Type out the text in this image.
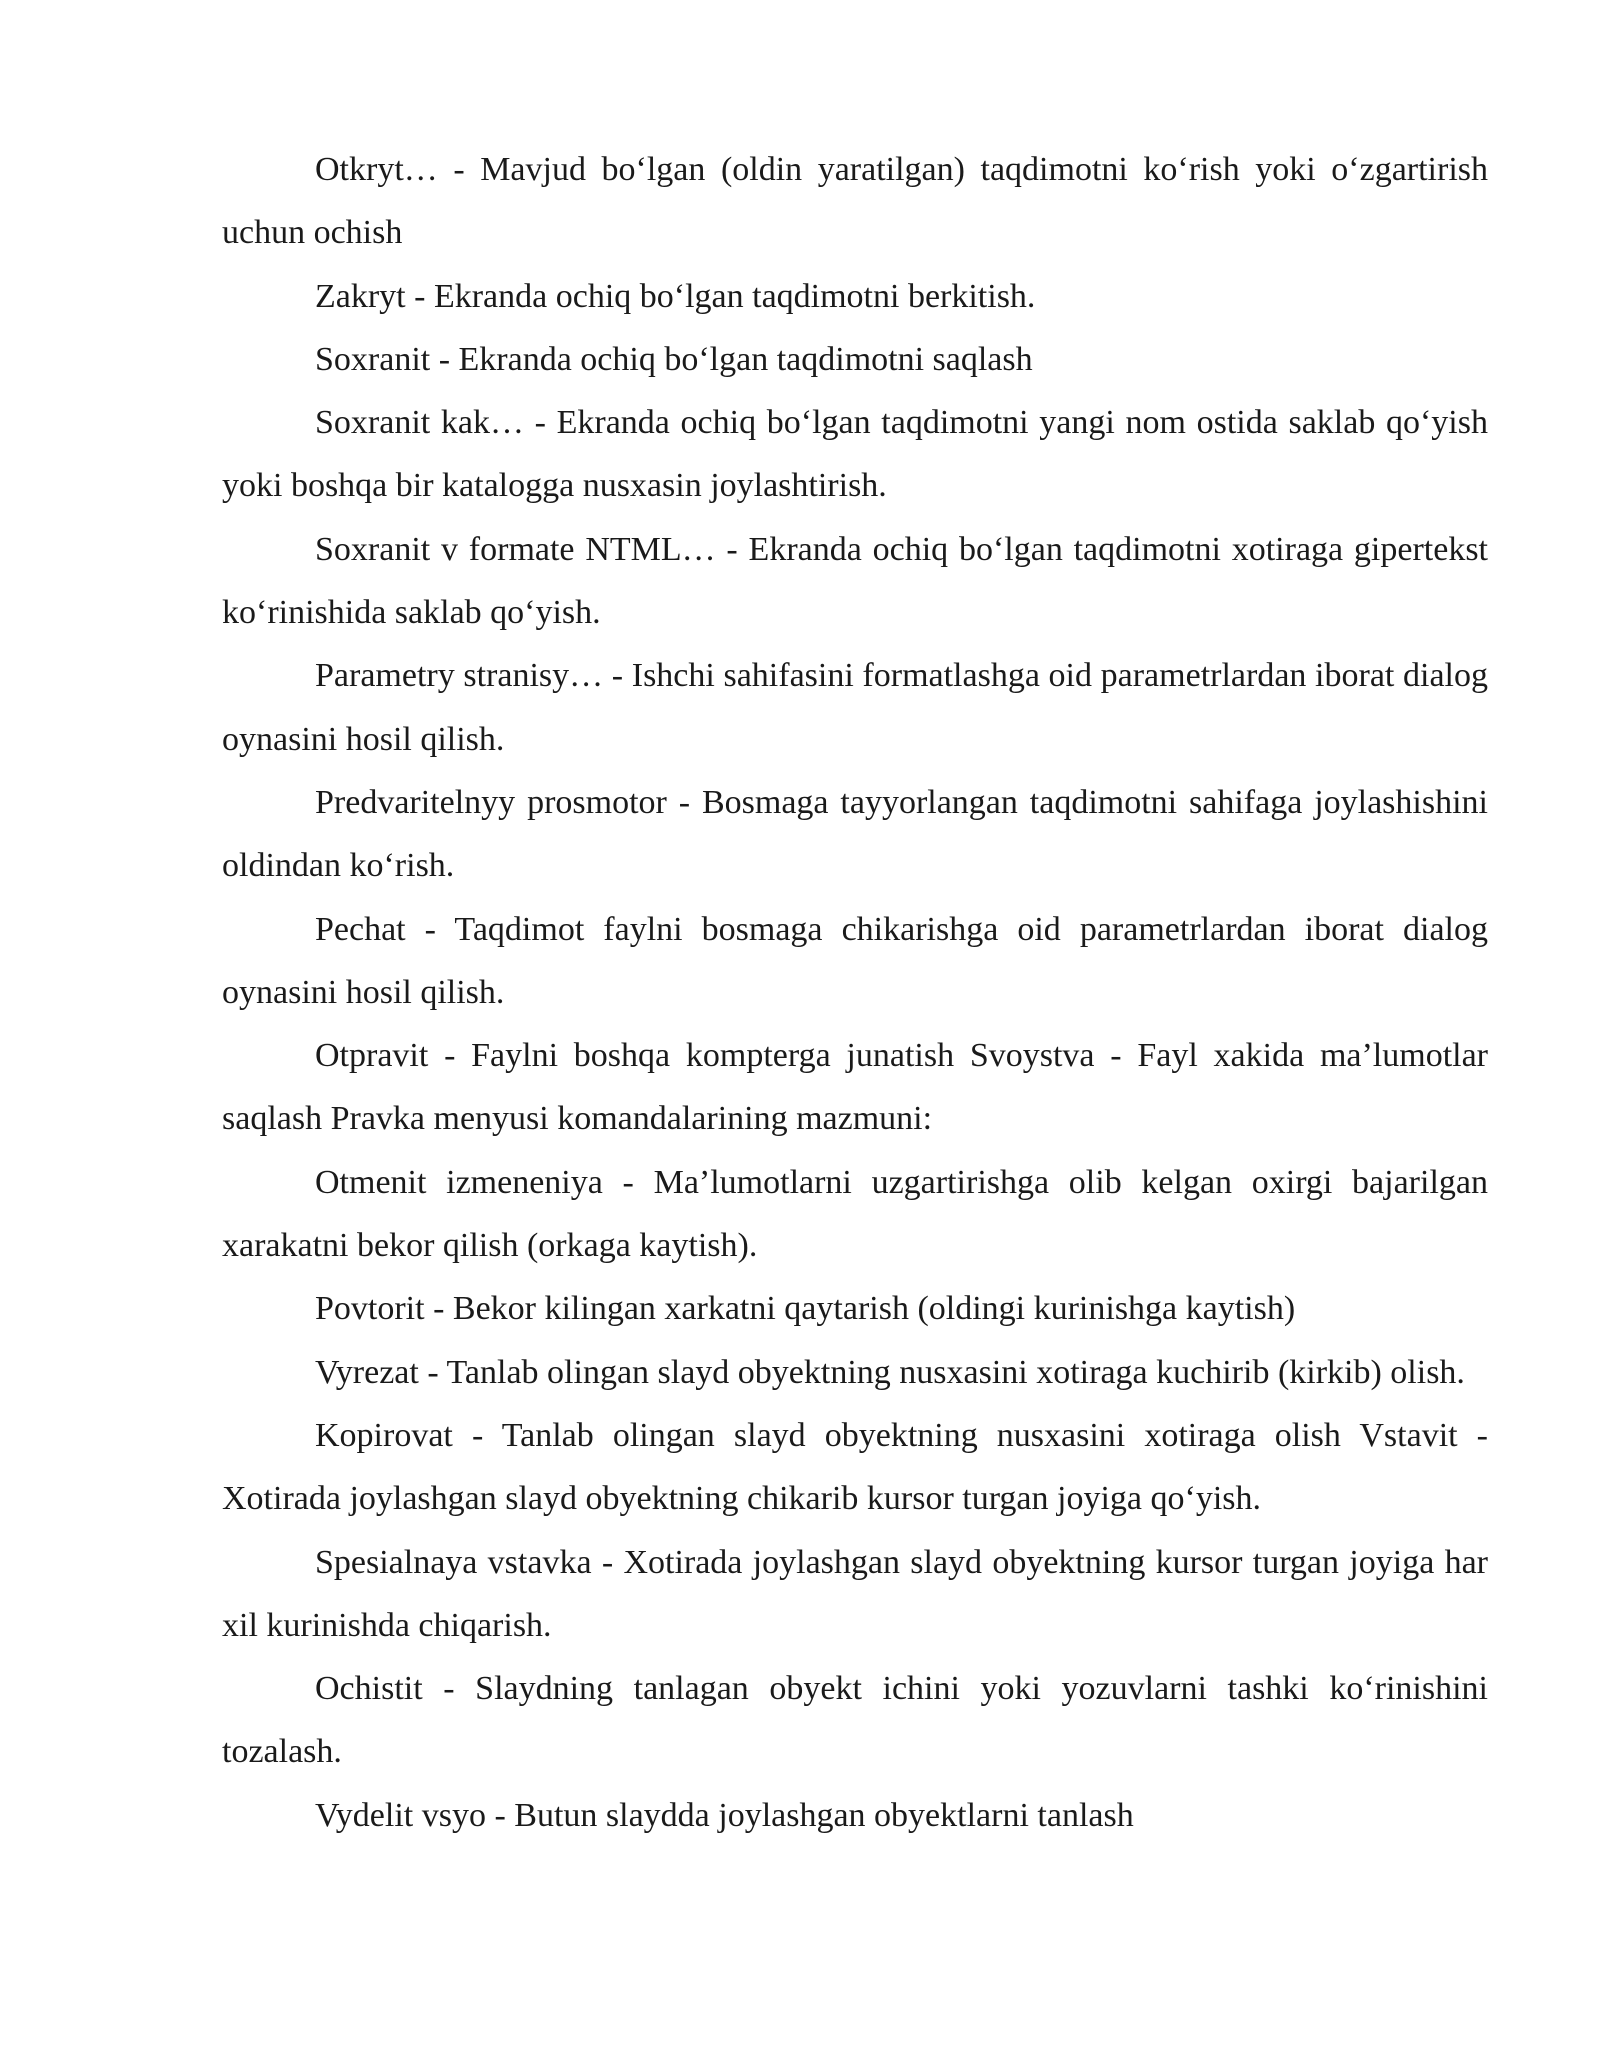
Otkryt… - Mavjud bo‘lgan (oldin yaratilgan) taqdimotni ko‘rish yoki o‘zgartirish uchun ochish

Zakryt - Ekranda ochiq bo‘lgan taqdimotni berkitish.

Soxranit - Ekranda ochiq bo‘lgan taqdimotni saqlash

Soxranit kak… - Ekranda ochiq bo‘lgan taqdimotni yangi nom ostida saklab qo‘yish yoki boshqa bir katalogga nusxasin joylashtirish.

Soxranit v formate NTML… - Ekranda ochiq bo‘lgan taqdimotni xotiraga gipertekst ko‘rinishida saklab qo‘yish.

Parametry stranisy… - Ishchi sahifasini formatlashga oid parametrlardan iborat dialog oynasini hosil qilish.

Predvaritelnyy prosmotor - Bosmaga tayyorlangan taqdimotni sahifaga joylashishini oldindan ko‘rish.

Pechat - Taqdimot faylni bosmaga chikarishga oid parametrlardan iborat dialog oynasini hosil qilish.

Otpravit - Faylni boshqa kompterga junatish Svoystva - Fayl xakida ma’lumotlar saqlash Pravka menyusi komandalarining mazmuni:

Otmenit izmeneniya - Ma’lumotlarni uzgartirishga olib kelgan oxirgi bajarilgan xarakatni bekor qilish (orkaga kaytish).

Povtorit - Bekor kilingan xarkatni qaytarish (oldingi kurinishga kaytish)

Vyrezat - Tanlab olingan slayd obyektning nusxasini xotiraga kuchirib (kirkib) olish.

Kopirovat - Tanlab olingan slayd obyektning nusxasini xotiraga olish Vstavit - Xotirada joylashgan slayd obyektning chikarib kursor turgan joyiga qo‘yish.

Spesialnaya vstavka - Xotirada joylashgan slayd obyektning kursor turgan joyiga har xil kurinishda chiqarish.

Ochistit - Slaydning tanlagan obyekt ichini yoki yozuvlarni tashki ko‘rinishini tozalash.

Vydelit vsyo - Butun slaydda joylashgan obyektlarni tanlash
